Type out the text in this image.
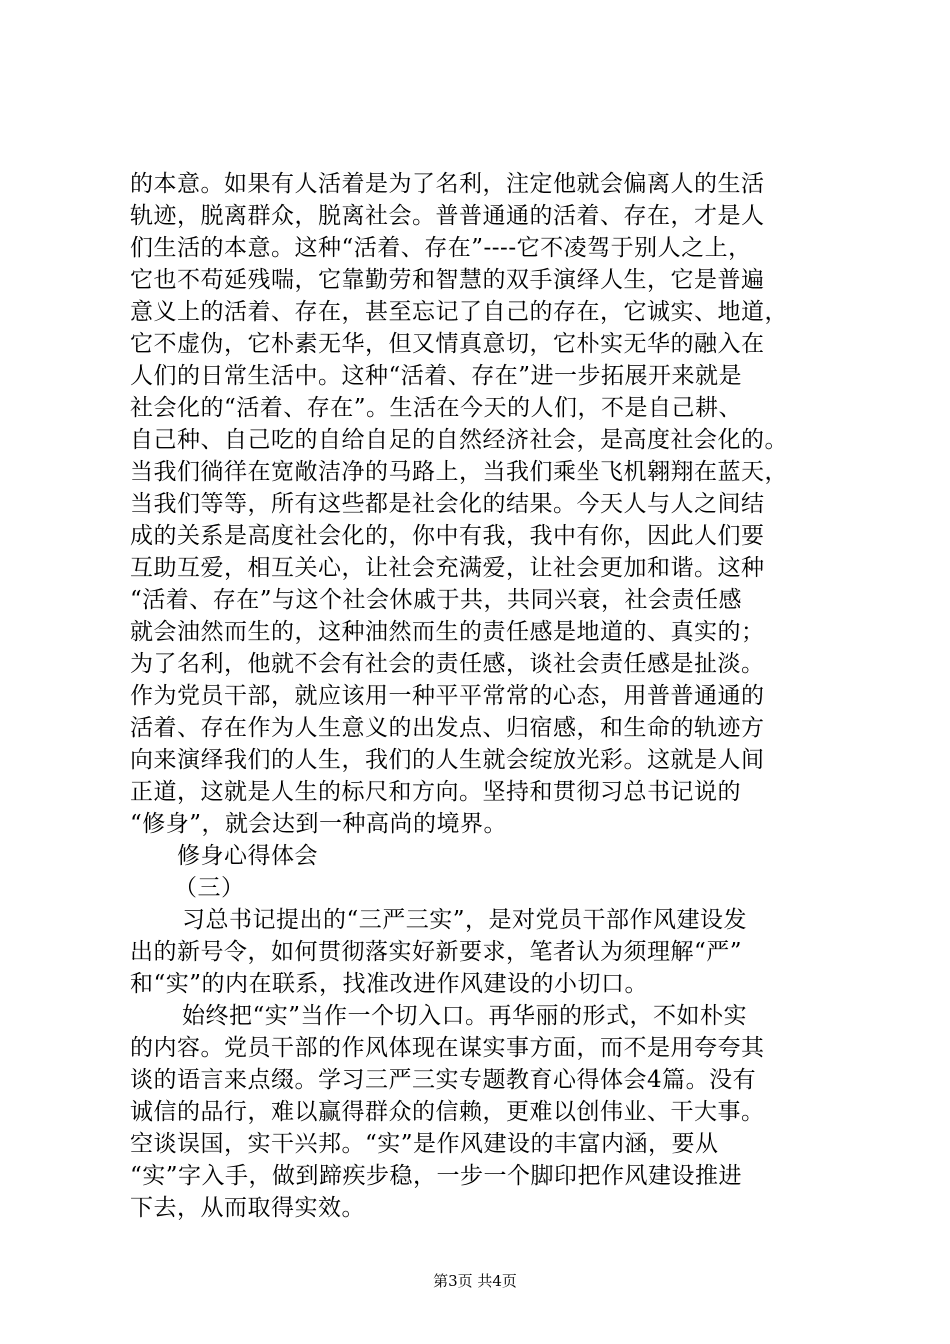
的本意。如果有人活着是为了名利，注定他就会偏离人的生活
轨迹，脱离群众，脱离社会。普普通通的活着、存在，才是人
们生活的本意。这种“活着、存在”----它不凌驾于别人之上，
它也不苟延残喘，它靠勤劳和智慧的双手演绎人生，它是普遍
意义上的活着、存在，甚至忘记了自己的存在，它诚实、地道，
它不虚伪，它朴素无华，但又情真意切，它朴实无华的融入在
人们的日常生活中。这种“活着、存在”进一步拓展开来就是
社会化的“活着、存在”。生活在今天的人们，不是自己耕、
自己种、自己吃的自给自足的自然经济社会，是高度社会化的。
当我们徜徉在宽敞洁净的马路上，当我们乘坐飞机翱翔在蓝天，
当我们等等，所有这些都是社会化的结果。今天人与人之间结
成的关系是高度社会化的，你中有我，我中有你，因此人们要
互助互爱，相互关心，让社会充满爱，让社会更加和谐。这种
“活着、存在”与这个社会休戚于共，共同兴衰，社会责任感
就会油然而生的，这种油然而生的责任感是地道的、真实的；
为了名利，他就不会有社会的责任感，谈社会责任感是扯淡。
作为党员干部，就应该用一种平平常常的心态，用普普通通的
活着、存在作为人生意义的出发点、归宿感，和生命的轨迹方
向来演绎我们的人生，我们的人生就会绽放光彩。这就是人间
正道，这就是人生的标尺和方向。坚持和贯彻习总书记说的
“修身”，就会达到一种高尚的境界。
修身心得体会
（三）
习总书记提出的“三严三实”，是对党员干部作风建设发
出的新号令，如何贯彻落实好新要求，笔者认为须理解“严”
和“实”的内在联系，找准改进作风建设的小切口。
始终把“实”当作一个切入口。再华丽的形式，不如朴实
的内容。党员干部的作风体现在谋实事方面，而不是用夸夸其
谈的语言来点缀。学习三严三实专题教育心得体会4篇。没有
诚信的品行，难以赢得群众的信赖，更难以创伟业、干大事。
空谈误国，实干兴邦。“实”是作风建设的丰富内涵，要从
“实”字入手，做到蹄疾步稳，一步一个脚印把作风建设推进
下去，从而取得实效。
第3页 共4页
